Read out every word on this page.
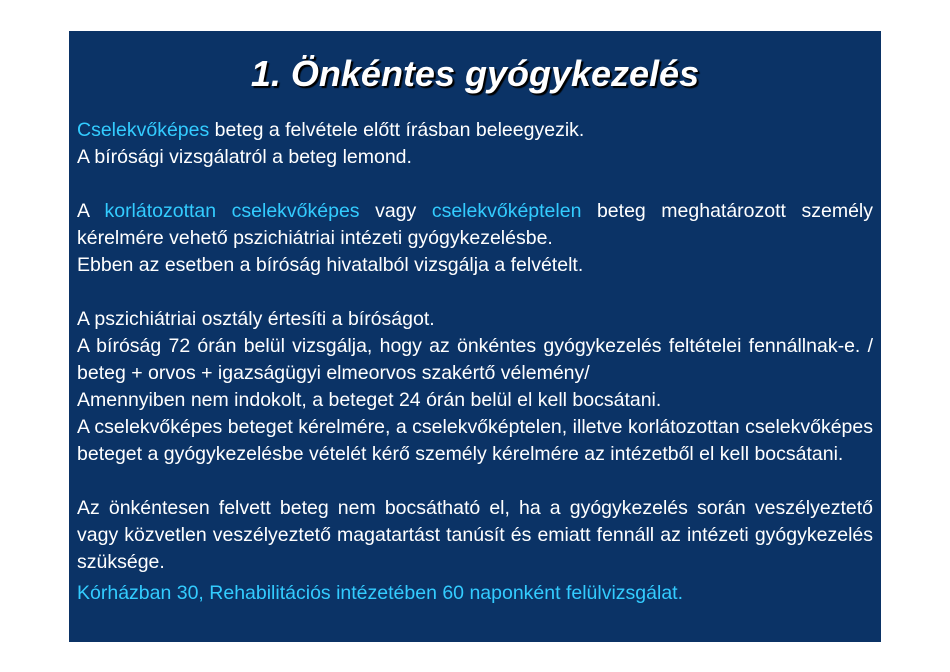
1. Önkéntes gyógykezelés

Cselekvőképes beteg a felvétele előtt írásban beleegyezik.

A bírósági vizsgálatról a beteg lemond.

A korlátozottan cselekvőképes vagy cselekvőképtelen beteg meghatározott személy kérelmére vehető pszichiátriai intézeti gyógykezelésbe.

Ebben az esetben a bíróság hivatalból vizsgálja a felvételt.

A pszichiátriai osztály értesíti a bíróságot.

A bíróság 72 órán belül vizsgálja, hogy az önkéntes gyógykezelés feltételei fennállnak-e. / beteg + orvos + igazságügyi elmeorvos szakértő vélemény/

Amennyiben nem indokolt, a beteget 24 órán belül el kell bocsátani.

A cselekvőképes beteget kérelmére, a cselekvőképtelen, illetve korlátozottan cselekvőképes beteget a gyógykezelésbe vételét kérő személy kérelmére az intézetből el kell bocsátani.

Az önkéntesen felvett beteg nem bocsátható el, ha a gyógykezelés során veszélyeztető vagy közvetlen veszélyeztető magatartást tanúsít és emiatt fennáll az intézeti gyógykezelés szüksége.

Kórházban 30, Rehabilitációs intézetében 60 naponként felülvizsgálat.
